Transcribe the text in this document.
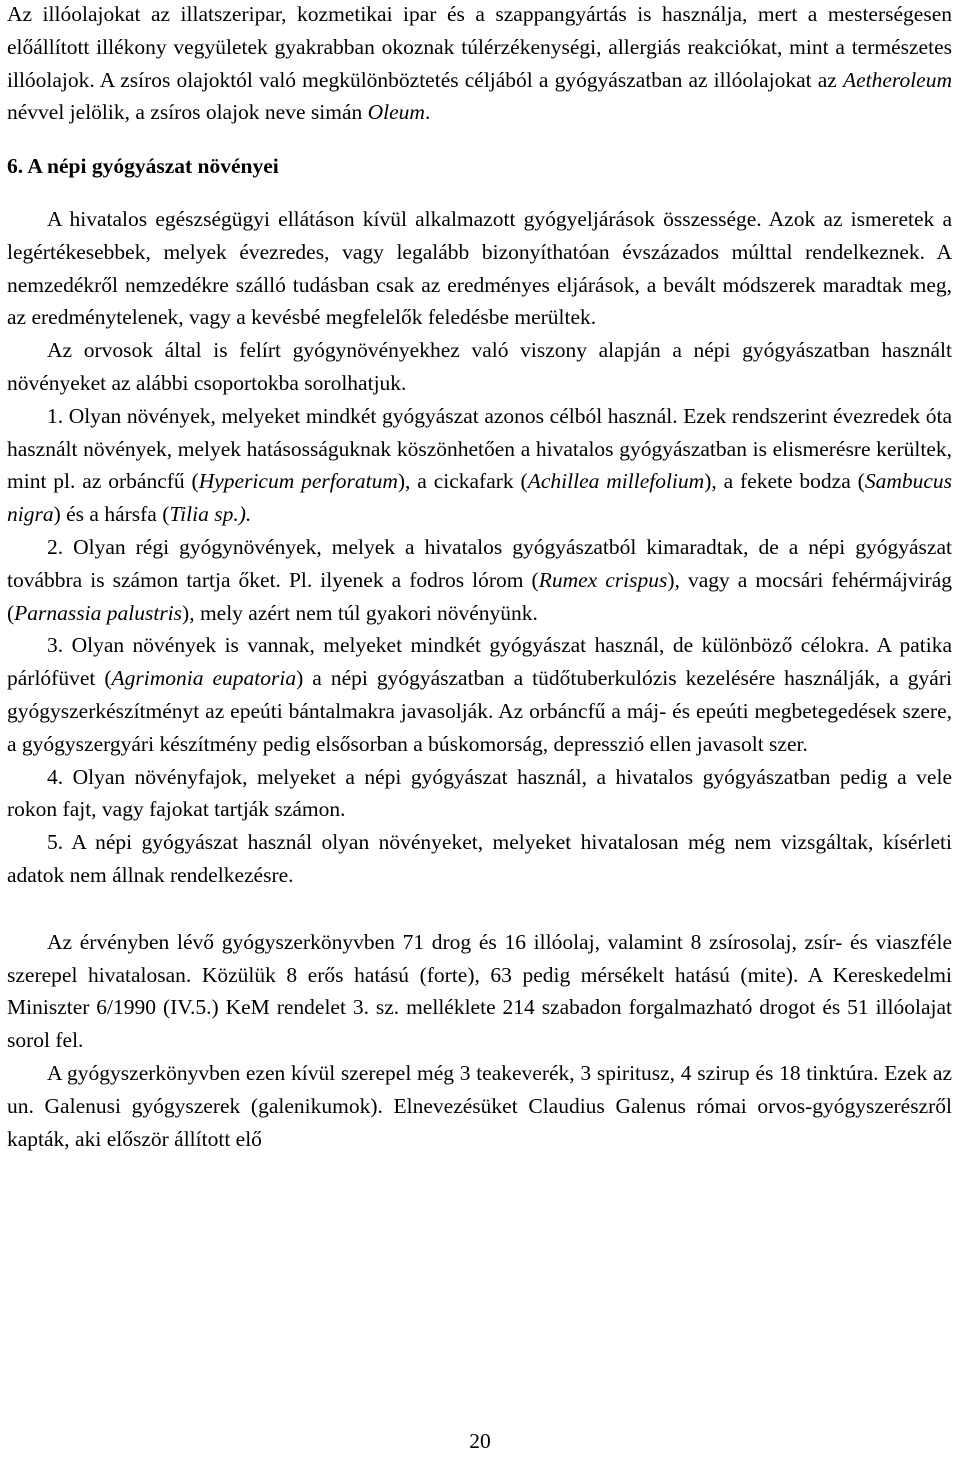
Az illóolajokat az illatszeripar, kozmetikai ipar és a szappangyártás is használja, mert a mesterségesen előállított illékony vegyületek gyakrabban okoznak túlérzékenységi, allergiás reakciókat, mint a természetes illóolajok. A zsíros olajoktól való megkülönböztetés céljából a gyógyászatban az illóolajokat az Aetheroleum névvel jelölik, a zsíros olajok neve simán Oleum.

6. A népi gyógyászat növényei

A hivatalos egészségügyi ellátáson kívül alkalmazott gyógyeljárások összessége. Azok az ismeretek a legértékesebbek, melyek évezredes, vagy legalább bizonyíthatóan évszázados múlttal rendelkeznek. A nemzedékről nemzedékre szálló tudásban csak az eredményes eljárások, a bevált módszerek maradtak meg, az eredménytelenek, vagy a kevésbé megfelelők feledésbe merültek.

Az orvosok által is felírt gyógynövényekhez való viszony alapján a népi gyógyászatban használt növényeket az alábbi csoportokba sorolhatjuk.

1. Olyan növények, melyeket mindkét gyógyászat azonos célból használ. Ezek rendszerint évezredek óta használt növények, melyek hatásosságuknak köszönhetően a hivatalos gyógyászatban is elismerésre kerültek, mint pl. az orbáncfű (Hypericum perforatum), a cickafark (Achillea millefolium), a fekete bodza (Sambucus nigra) és a hársfa (Tilia sp.).

2. Olyan régi gyógynövények, melyek a hivatalos gyógyászatból kimaradtak, de a népi gyógyászat továbbra is számon tartja őket. Pl. ilyenek a fodros lórom (Rumex crispus), vagy a mocsári fehérmájvirág (Parnassia palustris), mely azért nem túl gyakori növényünk.

3. Olyan növények is vannak, melyeket mindkét gyógyászat használ, de különböző célokra. A patika párlófüvet (Agrimonia eupatoria) a népi gyógyászatban a tüdőtuberkulózis kezelésére használják, a gyári gyógyszerkészítményt az epeúti bántalmakra javasolják. Az orbáncfű a máj- és epeúti megbetegedések szere, a gyógyszergyári készítmény pedig elsősorban a búskomorság, depresszió ellen javasolt szer.

4. Olyan növényfajok, melyeket a népi gyógyászat használ, a hivatalos gyógyászatban pedig a vele rokon fajt, vagy fajokat tartják számon.

5. A népi gyógyászat használ olyan növényeket, melyeket hivatalosan még nem vizsgáltak, kísérleti adatok nem állnak rendelkezésre.

Az érvényben lévő gyógyszerkönyvben 71 drog és 16 illóolaj, valamint 8 zsírosolaj, zsír- és viaszféle szerepel hivatalosan. Közülük 8 erős hatású (forte), 63 pedig mérsékelt hatású (mite). A Kereskedelmi Miniszter 6/1990 (IV.5.) KeM rendelet 3. sz. melléklete 214 szabadon forgalmazható drogot és 51 illóolajat sorol fel.

A gyógyszerkönyvben ezen kívül szerepel még 3 teakeverék, 3 spiritusz, 4 szirup és 18 tinktúra. Ezek az un. Galenusi gyógyszerek (galenikumok). Elnevezésüket Claudius Galenus római orvos-gyógyszerészről kapták, aki először állított elő

20
